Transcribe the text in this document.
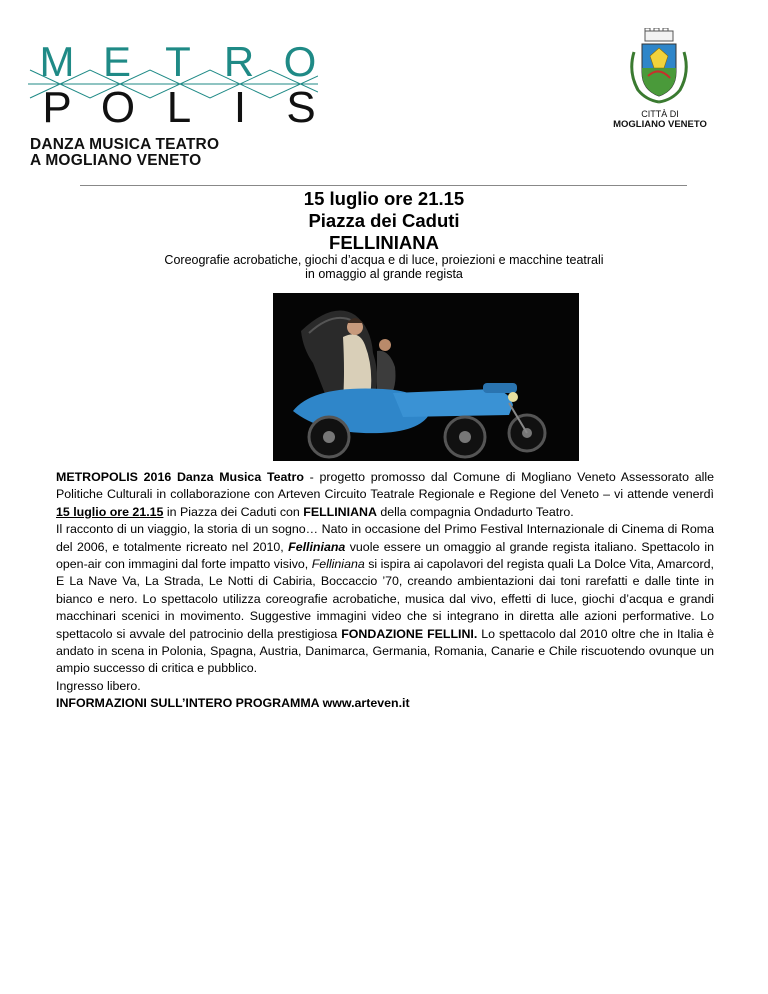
M E T R O
P O L I S
DANZA MUSICA TEATRO
A MOGLIANO VENETO
CITTÀ DI
MOGLIANO VENETO
15 luglio ore 21.15
Piazza dei Caduti
FELLINIANA
Coreografie acrobatiche, giochi d’acqua e di luce, proiezioni e macchine teatrali
in omaggio al grande regista

METROPOLIS 2016 Danza Musica Teatro - progetto promosso dal Comune di Mogliano Veneto Assessorato alle Politiche Culturali in collaborazione con Arteven Circuito Teatrale Regionale e Regione del Veneto – vi attende venerdì 15 luglio ore 21.15 in Piazza dei Caduti con FELLINIANA della compagnia Ondadurto Teatro.

Il racconto di un viaggio, la storia di un sogno… Nato in occasione del Primo Festival Internazionale di Cinema di Roma del 2006, e totalmente ricreato nel 2010, Felliniana vuole essere un omaggio al grande regista italiano. Spettacolo in open-air con immagini dal forte impatto visivo, Felliniana si ispira ai capolavori del regista quali La Dolce Vita, Amarcord, E La Nave Va, La Strada, Le Notti di Cabiria, Boccaccio ’70, creando ambientazioni dai toni rarefatti e dalle tinte in bianco e nero. Lo spettacolo utilizza coreografie acrobatiche, musica dal vivo, effetti di luce, giochi d’acqua e grandi macchinari scenici in movimento. Suggestive immagini video che si integrano in diretta alle azioni performative. Lo spettacolo si avvale del patrocinio della prestigiosa FONDAZIONE FELLINI. Lo spettacolo dal 2010 oltre che in Italia è andato in scena in Polonia, Spagna, Austria, Danimarca, Germania, Romania, Canarie e Chile riscuotendo ovunque un ampio successo di critica e pubblico.

Ingresso libero.

INFORMAZIONI SULL’INTERO PROGRAMMA www.arteven.it
